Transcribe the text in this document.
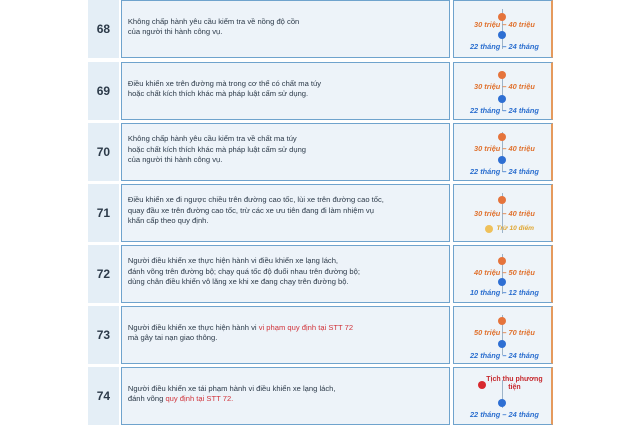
68
Không chấp hành yêu cầu kiểm tra về nồng độ cồn
của người thi hành công vụ.
30 triệu – 40 triệu
22 tháng – 24 tháng
69
Điều khiển xe trên đường mà trong cơ thể có chất ma túy
hoặc chất kích thích khác mà pháp luật cấm sử dụng.
30 triệu – 40 triệu
22 tháng – 24 tháng
70
Không chấp hành yêu cầu kiểm tra về chất ma túy
hoặc chất kích thích khác mà pháp luật cấm sử dụng
của người thi hành công vụ.
30 triệu – 40 triệu
22 tháng – 24 tháng
71
Điều khiển xe đi ngược chiều trên đường cao tốc, lùi xe trên đường cao tốc,
quay đầu xe trên đường cao tốc, trừ các xe ưu tiên đang đi làm nhiệm vụ
khẩn cấp theo quy định.
30 triệu – 40 triệu
Trừ 10 điểm
72
Người điều khiển xe thực hiện hành vi điều khiển xe lạng lách,
đánh võng trên đường bộ; chạy quá tốc độ đuổi nhau trên đường bộ;
dùng chân điều khiển vô lăng xe khi xe đang chạy trên đường bộ.
40 triệu – 50 triệu
10 tháng – 12 tháng
73
Người điều khiển xe thực hiện hành vi vi phạm quy định tại STT 72
mà gây tai nạn giao thông.
50 triệu – 70 triệu
22 tháng – 24 tháng
74
Người điều khiển xe tái phạm hành vi điều khiển xe lạng lách,
đánh võng quy định tại STT 72.
Tịch thu phương tiện
22 tháng – 24 tháng
